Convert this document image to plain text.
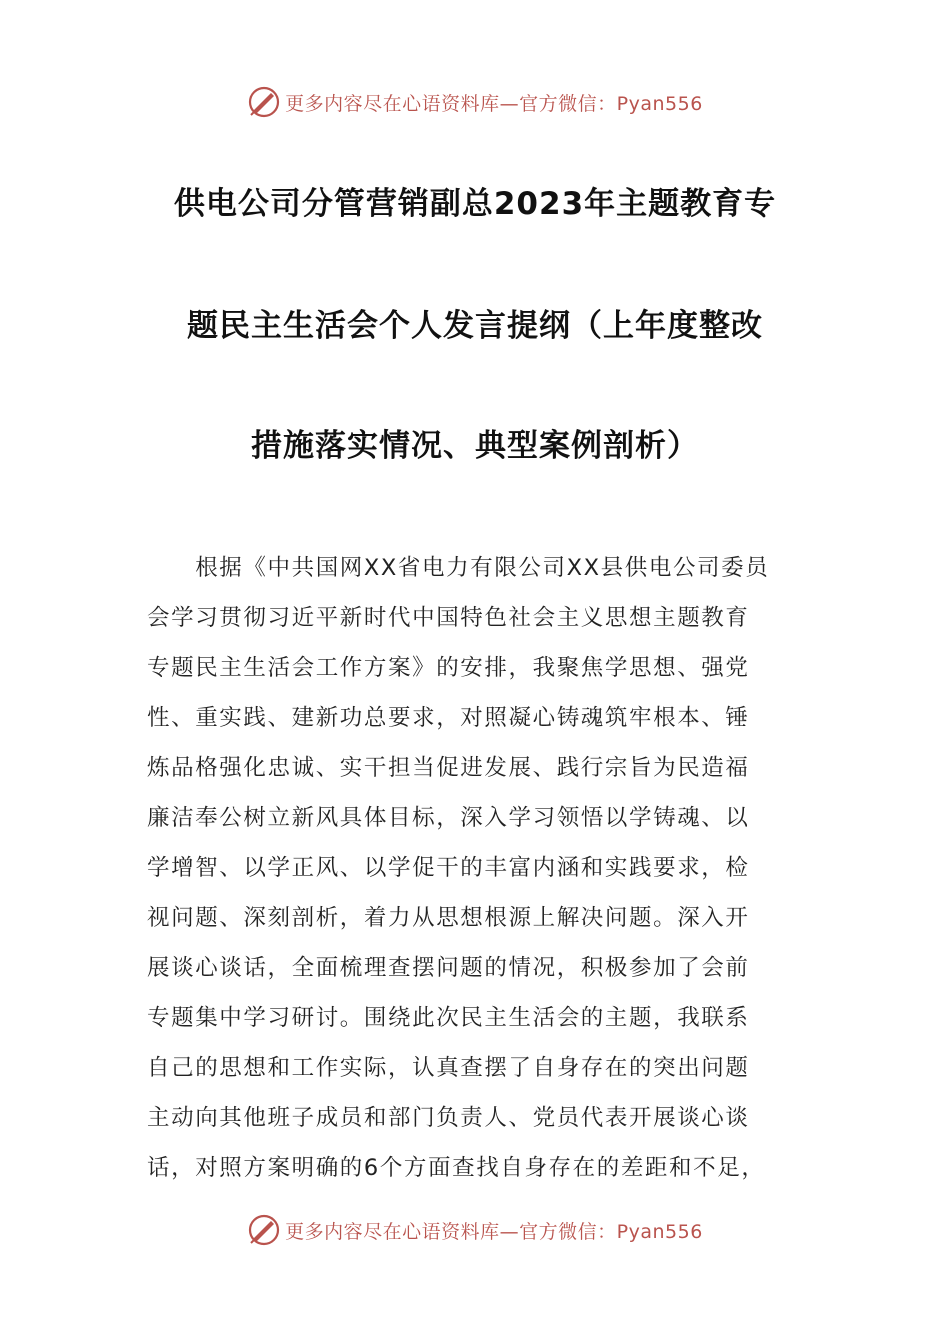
更多内容尽在心语资料库—官方微信：Pyan556
供电公司分管营销副总2023年主题教育专
题民主生活会个人发言提纲（上年度整改
措施落实情况、典型案例剖析）
　　根据《中共国网XX省电力有限公司XX县供电公司委员
会学习贯彻习近平新时代中国特色社会主义思想主题教育
专题民主生活会工作方案》的安排，我聚焦学思想、强党
性、重实践、建新功总要求，对照凝心铸魂筑牢根本、锤
炼品格强化忠诚、实干担当促进发展、践行宗旨为民造福
廉洁奉公树立新风具体目标，深入学习领悟以学铸魂、以
学增智、以学正风、以学促干的丰富内涵和实践要求，检
视问题、深刻剖析，着力从思想根源上解决问题。深入开
展谈心谈话，全面梳理查摆问题的情况，积极参加了会前
专题集中学习研讨。围绕此次民主生活会的主题，我联系
自己的思想和工作实际，认真查摆了自身存在的突出问题
主动向其他班子成员和部门负责人、党员代表开展谈心谈
话，对照方案明确的6个方面查找自身存在的差距和不足，
更多内容尽在心语资料库—官方微信：Pyan556
